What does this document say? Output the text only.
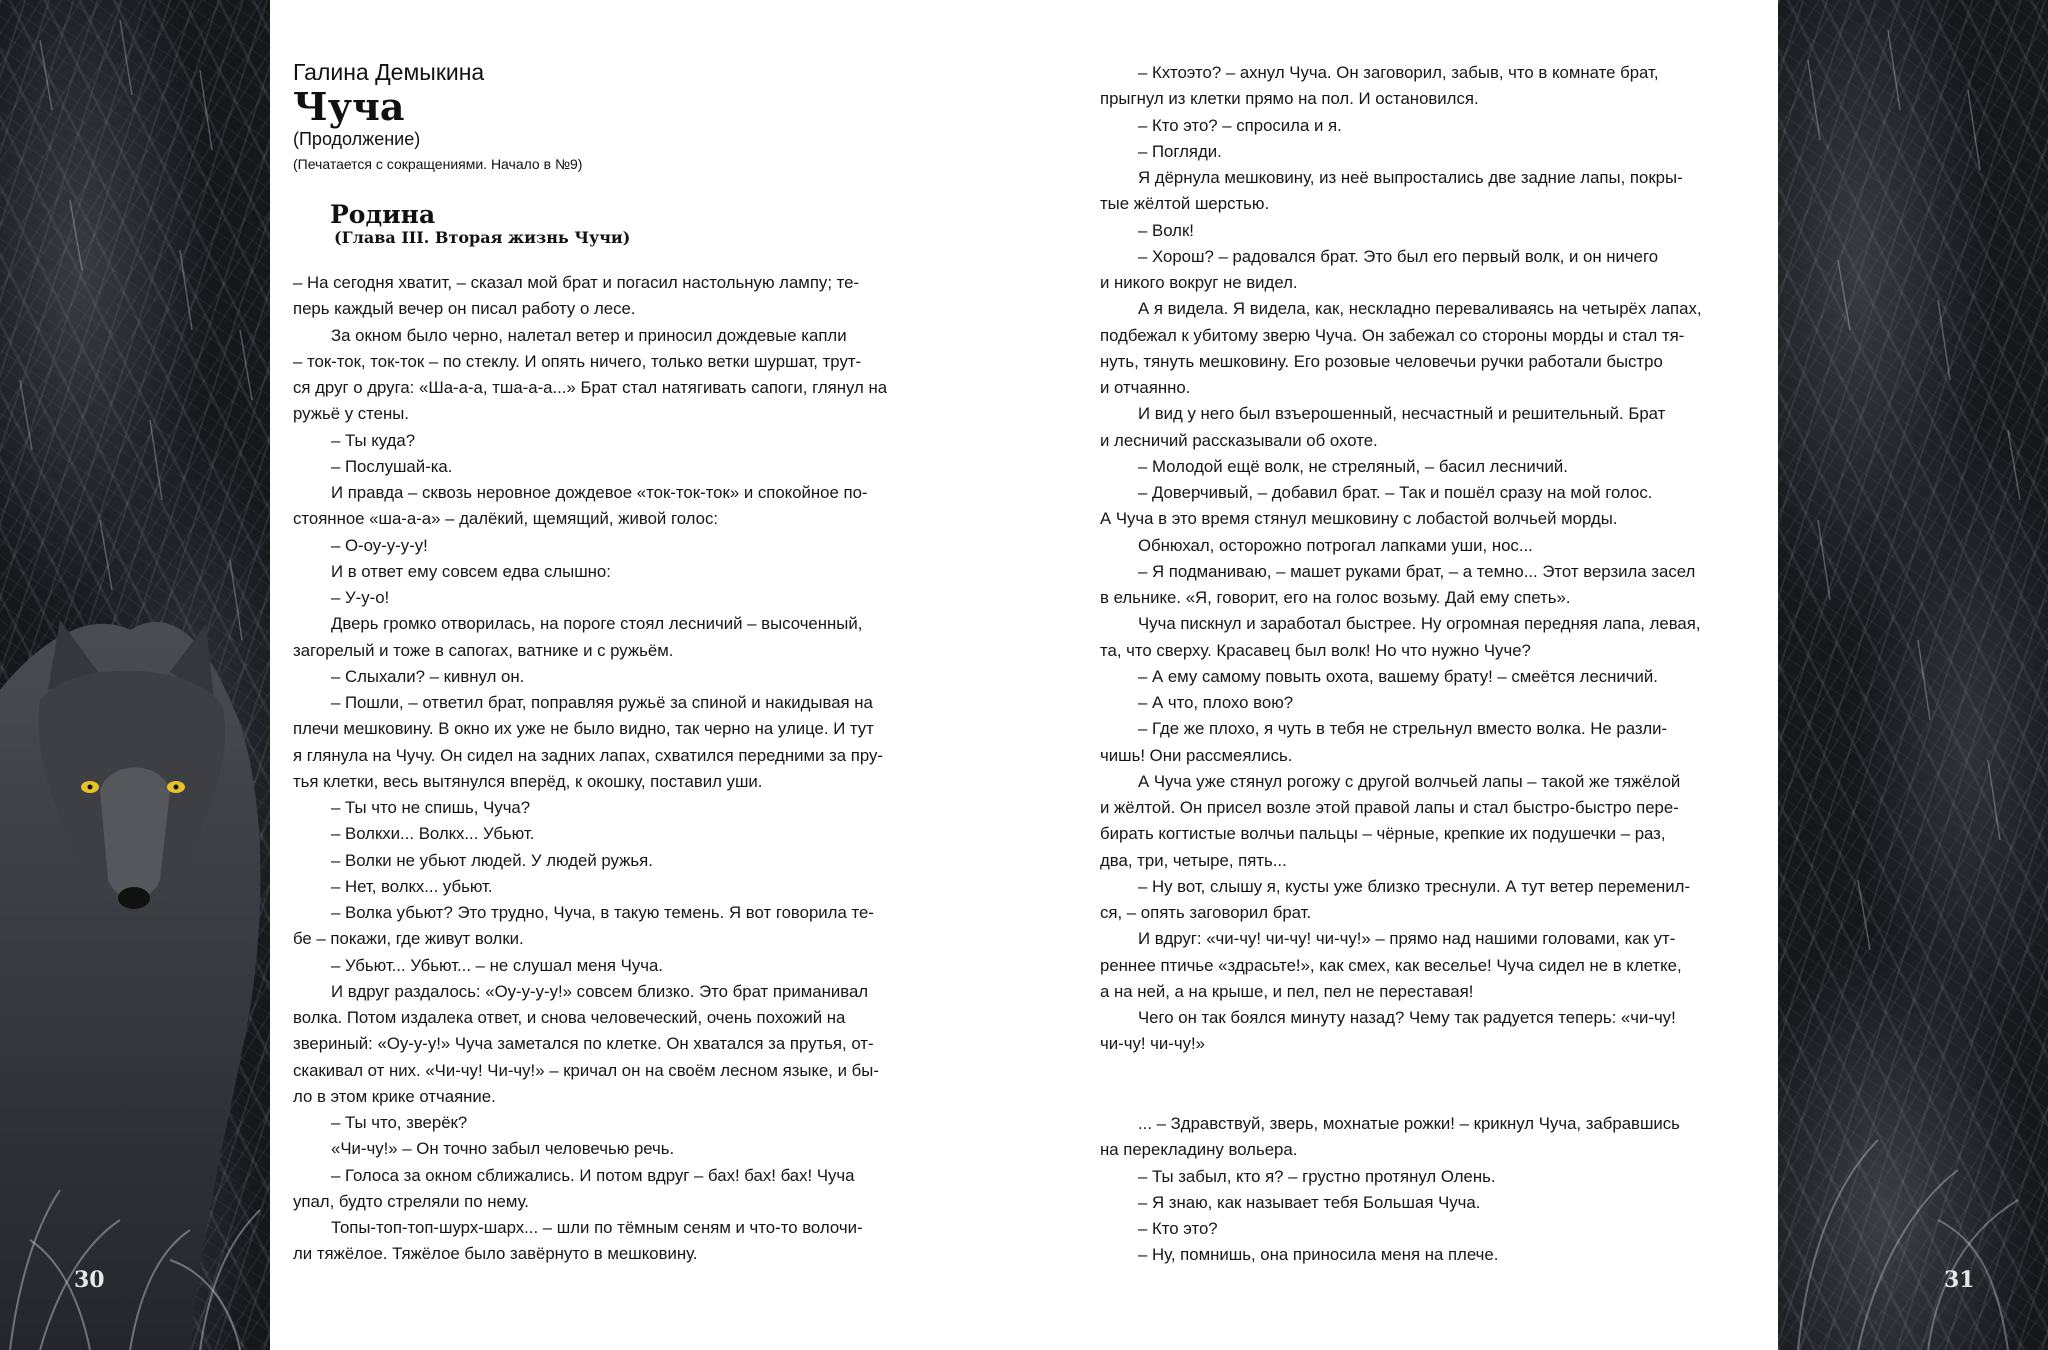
30	31
Галина Демыкина
Чуча
(Продолжение)
(Печатается с сокращениями. Начало в №9)
Родина
(Глава III. Вторая жизнь Чучи)

– На сегодня хватит, – сказал мой брат и погасил настольную лампу; те-

перь каждый вечер он писал работу о лесе.

За окном было черно, налетал ветер и приносил дождевые капли

– ток-ток, ток-ток – по стеклу. И опять ничего, только ветки шуршат, трут-

ся друг о друга: «Ша-а-а, тша-а-а...» Брат стал натягивать сапоги, глянул на

ружьё у стены.

– Ты куда?

– Послушай-ка.

И правда – сквозь неровное дождевое «ток-ток-ток» и спокойное по-

стоянное «ша-а-а» – далёкий, щемящий, живой голос:

– О-оу-у-у-у!

И в ответ ему совсем едва слышно:

– У-у-о!

Дверь громко отворилась, на пороге стоял лесничий – высоченный,

загорелый и тоже в сапогах, ватнике и с ружьём.

– Слыхали? – кивнул он.

– Пошли, – ответил брат, поправляя ружьё за спиной и накидывая на

плечи мешковину. В окно их уже не было видно, так черно на улице. И тут

я глянула на Чучу. Он сидел на задних лапах, схватился передними за пру-

тья клетки, весь вытянулся вперёд, к окошку, поставил уши.

– Ты что не спишь, Чуча?

– Волкхи... Волкх... Убьют.

– Волки не убьют людей. У людей ружья.

– Нет, волкх... убьют.

– Волка убьют? Это трудно, Чуча, в такую темень. Я вот говорила те-

бе – покажи, где живут волки.

– Убьют... Убьют... – не слушал меня Чуча.

И вдруг раздалось: «Оу-у-у-у!» совсем близко. Это брат приманивал

волка. Потом издалека ответ, и снова человеческий, очень похожий на

звериный: «Оу-у-у!» Чуча заметался по клетке. Он хватался за прутья, от-

скакивал от них. «Чи-чу! Чи-чу!» – кричал он на своём лесном языке, и бы-

ло в этом крике отчаяние.

– Ты что, зверёк?

«Чи-чу!» – Он точно забыл человечью речь.

– Голоса за окном сближались. И потом вдруг – бах! бах! бах! Чуча

упал, будто стреляли по нему.

Топы-топ-топ-шурх-шарх... – шли по тёмным сеням и что-то волочи-

ли тяжёлое. Тяжёлое было завёрнуто в мешковину.

– Кхтоэто? – ахнул Чуча. Он заговорил, забыв, что в комнате брат,

прыгнул из клетки прямо на пол. И остановился.

– Кто это? – спросила и я.

– Погляди.

Я дёрнула мешковину, из неё выпростались две задние лапы, покры-

тые жёлтой шерстью.

– Волк!

– Хорош? – радовался брат. Это был его первый волк, и он ничего

и никого вокруг не видел.

А я видела. Я видела, как, нескладно переваливаясь на четырёх лапах,

подбежал к убитому зверю Чуча. Он забежал со стороны морды и стал тя-

нуть, тянуть мешковину. Его розовые человечьи ручки работали быстро

и отчаянно.

И вид у него был взъерошенный, несчастный и решительный. Брат

и лесничий рассказывали об охоте.

– Молодой ещё волк, не стреляный, – басил лесничий.

– Доверчивый, – добавил брат. – Так и пошёл сразу на мой голос.

А Чуча в это время стянул мешковину с лобастой волчьей морды.

Обнюхал, осторожно потрогал лапками уши, нос...

– Я подманиваю, – машет руками брат, – а темно... Этот верзила засел

в ельнике. «Я, говорит, его на голос возьму. Дай ему спеть».

Чуча пискнул и заработал быстрее. Ну огромная передняя лапа, левая,

та, что сверху. Красавец был волк! Но что нужно Чуче?

– А ему самому повыть охота, вашему брату! – смеётся лесничий.

– А что, плохо вою?

– Где же плохо, я чуть в тебя не стрельнул вместо волка. Не разли-

чишь! Они рассмеялись.

А Чуча уже стянул рогожу с другой волчьей лапы – такой же тяжёлой

и жёлтой. Он присел возле этой правой лапы и стал быстро-быстро пере-

бирать когтистые волчьи пальцы – чёрные, крепкие их подушечки – раз,

два, три, четыре, пять...

– Ну вот, слышу я, кусты уже близко треснули. А тут ветер переменил-

ся, – опять заговорил брат.

И вдруг: «чи-чу! чи-чу! чи-чу!» – прямо над нашими головами, как ут-

реннее птичье «здрасьте!», как смех, как веселье! Чуча сидел не в клетке,

а на ней, а на крыше, и пел, пел не переставая!

Чего он так боялся минуту назад? Чему так радуется теперь: «чи-чу!

чи-чу! чи-чу!»

... – Здравствуй, зверь, мохнатые рожки! – крикнул Чуча, забравшись

на перекладину вольера.

– Ты забыл, кто я? – грустно протянул Олень.

– Я знаю, как называет тебя Большая Чуча.

– Кто это?

– Ну, помнишь, она приносила меня на плече.
